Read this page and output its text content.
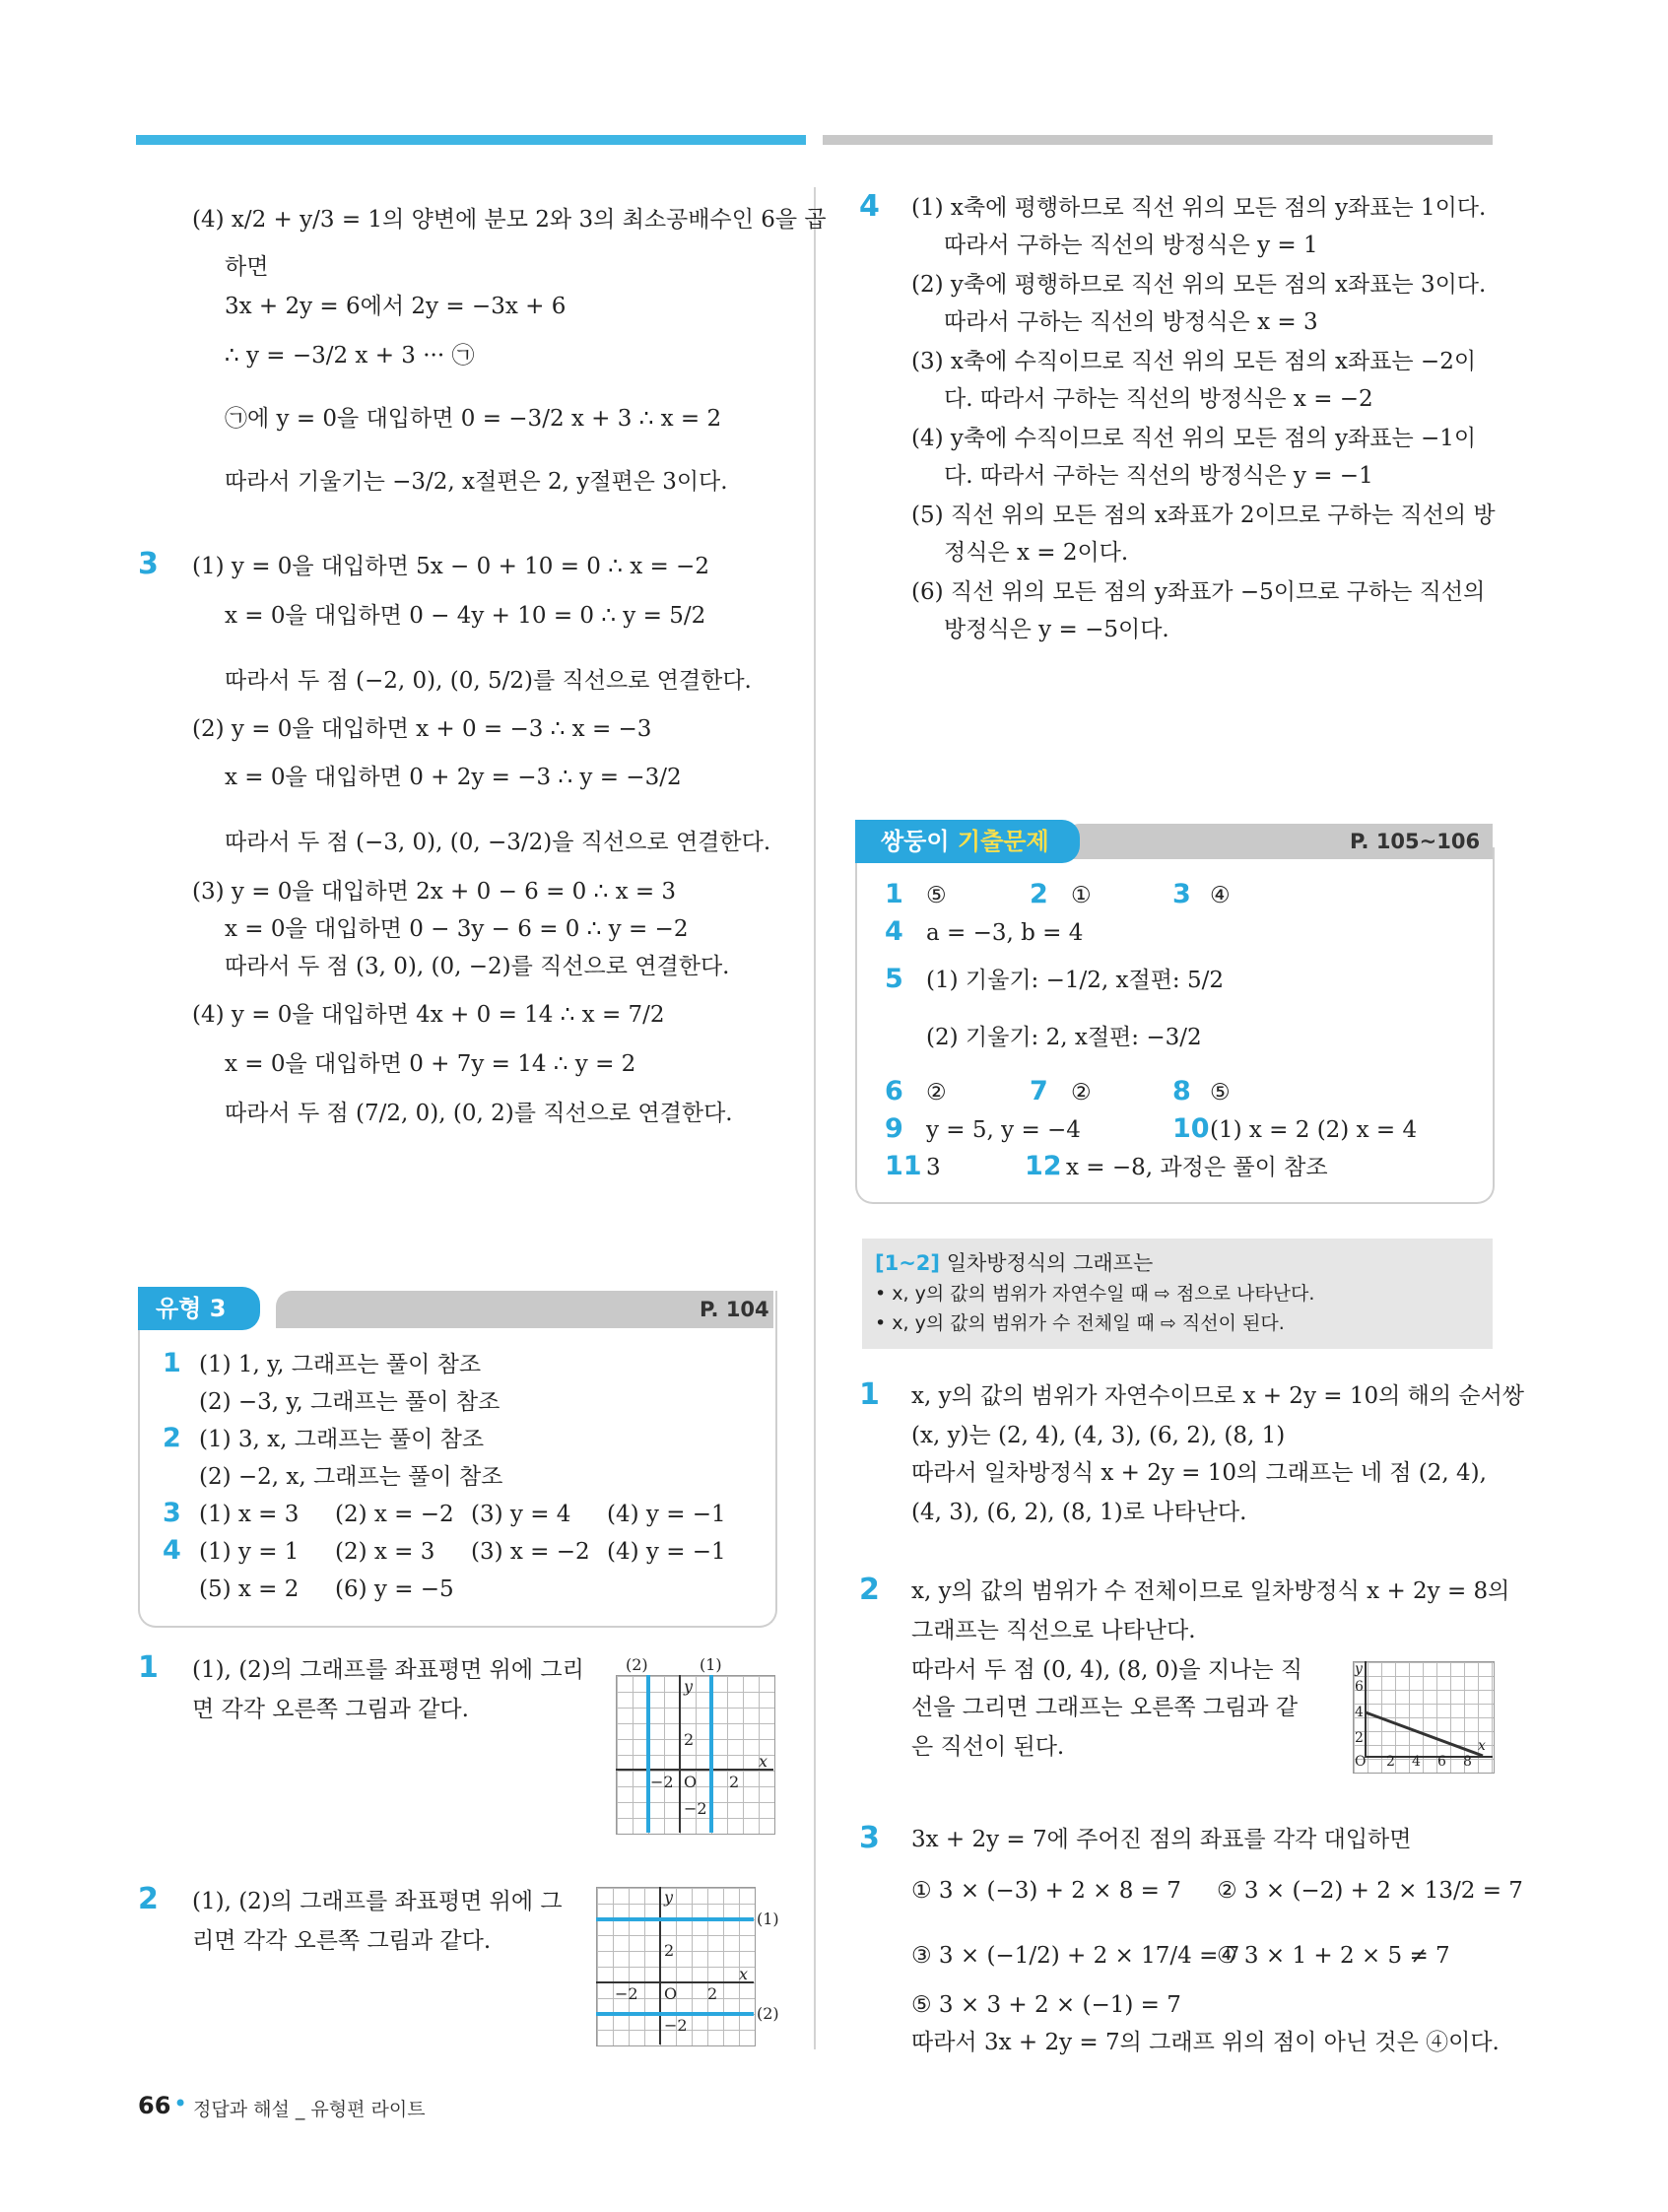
(4) x/2 + y/3 = 1의 양변에 분모 2와 3의 최소공배수인 6을 곱
하면
3x + 2y = 6에서 2y = −3x + 6
∴ y = −3/2 x + 3 ··· ㉠
㉠에 y = 0을 대입하면 0 = −3/2 x + 3 ∴ x = 2
따라서 기울기는 −3/2, x절편은 2, y절편은 3이다.
3 (1) y = 0을 대입하면 5x − 0 + 10 = 0 ∴ x = −2
x = 0을 대입하면 0 − 4y + 10 = 0 ∴ y = 5/2
따라서 두 점 (−2, 0), (0, 5/2)를 직선으로 연결한다.
(2) y = 0을 대입하면 x + 0 = −3 ∴ x = −3
x = 0을 대입하면 0 + 2y = −3 ∴ y = −3/2
따라서 두 점 (−3, 0), (0, −3/2)을 직선으로 연결한다.
(3) y = 0을 대입하면 2x + 0 − 6 = 0 ∴ x = 3
x = 0을 대입하면 0 − 3y − 6 = 0 ∴ y = −2
따라서 두 점 (3, 0), (0, −2)를 직선으로 연결한다.
(4) y = 0을 대입하면 4x + 0 = 14 ∴ x = 7/2
x = 0을 대입하면 0 + 7y = 14 ∴ y = 2
따라서 두 점 (7/2, 0), (0, 2)를 직선으로 연결한다.
유형 3	P. 104
1 (1) 1, y, 그래프는 풀이 참조
(2) −3, y, 그래프는 풀이 참조
2 (1) 3, x, 그래프는 풀이 참조
(2) −2, x, 그래프는 풀이 참조
3 (1) x = 3 (2) x = −2 (3) y = 4 (4) y = −1
4 (1) y = 1 (2) x = 3 (3) x = −2 (4) y = −1
(5) x = 2 (6) y = −5
1 (1), (2)의 그래프를 좌표평면 위에 그리
면 각각 오른쪽 그림과 같다.
(2)	(1)
y
x
O
−2
2
2
−2
2 (1), (2)의 그래프를 좌표평면 위에 그
리면 각각 오른쪽 그림과 같다.
(1)
(2)
y
x
O
2
−2	2
−2
4 (1) x축에 평행하므로 직선 위의 모든 점의 y좌표는 1이다.
따라서 구하는 직선의 방정식은 y = 1
(2) y축에 평행하므로 직선 위의 모든 점의 x좌표는 3이다.
따라서 구하는 직선의 방정식은 x = 3
(3) x축에 수직이므로 직선 위의 모든 점의 x좌표는 −2이
다. 따라서 구하는 직선의 방정식은 x = −2
(4) y축에 수직이므로 직선 위의 모든 점의 y좌표는 −1이
다. 따라서 구하는 직선의 방정식은 y = −1
(5) 직선 위의 모든 점의 x좌표가 2이므로 구하는 직선의 방
정식은 x = 2이다.
(6) 직선 위의 모든 점의 y좌표가 −5이므로 구하는 직선의
방정식은 y = −5이다.
쌍둥이 기출문제	P. 105~106
1 ⑤	2 ①	3 ④
4 a = −3, b = 4
5 (1) 기울기: −1/2, x절편: 5/2
(2) 기울기: 2, x절편: −3/2
6 ②	7 ②	8 ⑤
9 y = 5, y = −4	10 (1) x = 2 (2) x = 4
11 3	12 x = −8, 과정은 풀이 참조
[1~2] 일차방정식의 그래프는
• x, y의 값의 범위가 자연수일 때 ⇨ 점으로 나타난다.
• x, y의 값의 범위가 수 전체일 때 ⇨ 직선이 된다.
1 x, y의 값의 범위가 자연수이므로 x + 2y = 10의 해의 순서쌍
(x, y)는 (2, 4), (4, 3), (6, 2), (8, 1)
따라서 일차방정식 x + 2y = 10의 그래프는 네 점 (2, 4),
(4, 3), (6, 2), (8, 1)로 나타난다.
2 x, y의 값의 범위가 수 전체이므로 일차방정식 x + 2y = 8의
그래프는 직선으로 나타난다.
따라서 두 점 (0, 4), (8, 0)을 지나는 직
선을 그리면 그래프는 오른쪽 그림과 같
은 직선이 된다.
y
6
4
2
O 2 4 6 8
x
3 3x + 2y = 7에 주어진 점의 좌표를 각각 대입하면
① 3 × (−3) + 2 × 8 = 7 ② 3 × (−2) + 2 × 13/2 = 7
③ 3 × (−1/2) + 2 × 17/4 = 7
④ 3 × 1 + 2 × 5 ≠ 7
⑤ 3 × 3 + 2 × (−1) = 7
따라서 3x + 2y = 7의 그래프 위의 점이 아닌 것은 ④이다.
66 • 정답과 해설 _ 유형편 라이트
